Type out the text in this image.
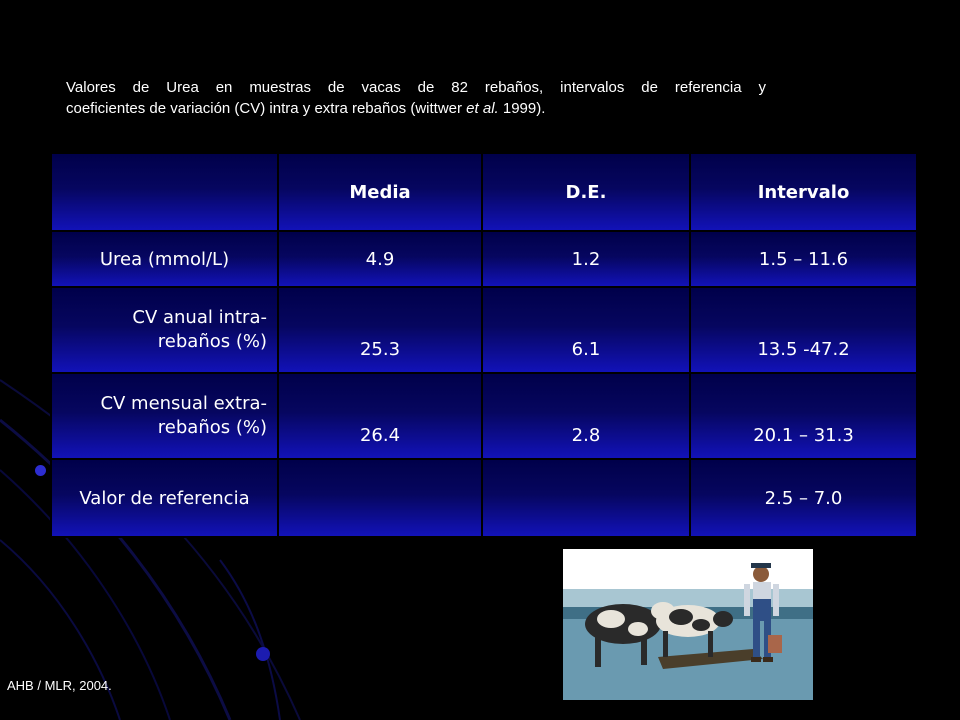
Valores de Urea en muestras de vacas de 82 rebaños, intervalos de referencia y
coeficientes de variación (CV) intra y extra rebaños (wittwer et al. 1999).
	Media	D.E.	Intervalo
Urea (mmol/L)	4.9	1.2	1.5 – 11.6

CV anual intra-
rebaños (%)	25.3	6.1	13.5 -47.2

CV mensual extra-
rebaños (%)	26.4	2.8	20.1 – 31.3
Valor de referencia			2.5 – 7.0
AHB / MLR, 2004.
